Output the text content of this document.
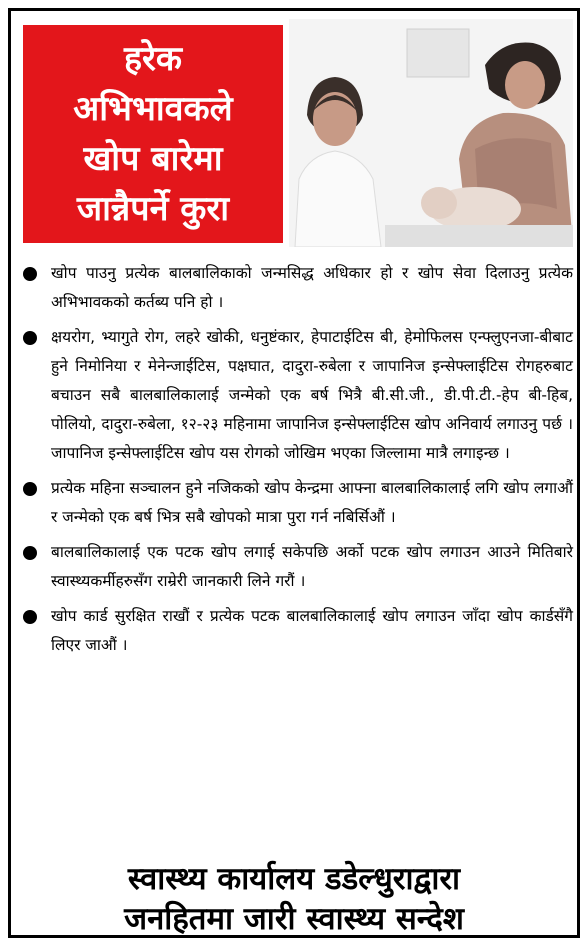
हरेक
अभिभावकले
खोप बारेमा
जान्नैपर्ने कुरा
खोप पाउनु प्रत्येक बालबालिकाको जन्मसिद्ध अधिकार हो र खोप सेवा दिलाउनु प्रत्येक अभिभावकको कर्तब्य पनि हो ।
क्षयरोग, भ्यागुते रोग, लहरे खोकी, धनुष्टंकार, हेपाटाईटिस बी, हेमोफिलस एन्फ्लुएनजा-बीबाट हुने निमोनिया र मेनेन्जाईटिस, पक्षघात, दादुरा-रुबेला र जापानिज इन्सेफ्लाईटिस रोगहरुबाट बचाउन सबै बालबालिकालाई जन्मेको एक बर्ष भित्रै बी.सी.जी., डी.पी.टी.-हेप बी-हिब, पोलियो, दादुरा-रुबेला, १२-२३ महिनामा जापानिज इन्सेफ्लाईटिस खोप अनिवार्य लगाउनु पर्छ । जापानिज इन्सेफ्लाईटिस खोप यस रोगको जोखिम भएका जिल्लामा मात्रै लगाइन्छ ।
प्रत्येक महिना सञ्चालन हुने नजिकको खोप केन्द्रमा आफ्ना बालबालिकालाई लगि खोप लगाऔं र जन्मेको एक बर्ष भित्र सबै खोपको मात्रा पुरा गर्न नबिर्सिऔं ।
बालबालिकालाई एक पटक खोप लगाई सकेपछि अर्को पटक खोप लगाउन आउने मितिबारे स्वास्थ्यकर्मीहरुसँग राम्रेरी जानकारी लिने गरौं ।
खोप कार्ड सुरक्षित राखौं र प्रत्येक पटक बालबालिकालाई खोप लगाउन जाँदा खोप कार्डसँगै लिएर जाऔं ।
स्वास्थ्य कार्यालय डडेल्धुराद्वारा
जनहितमा जारी स्वास्थ्य सन्देश
